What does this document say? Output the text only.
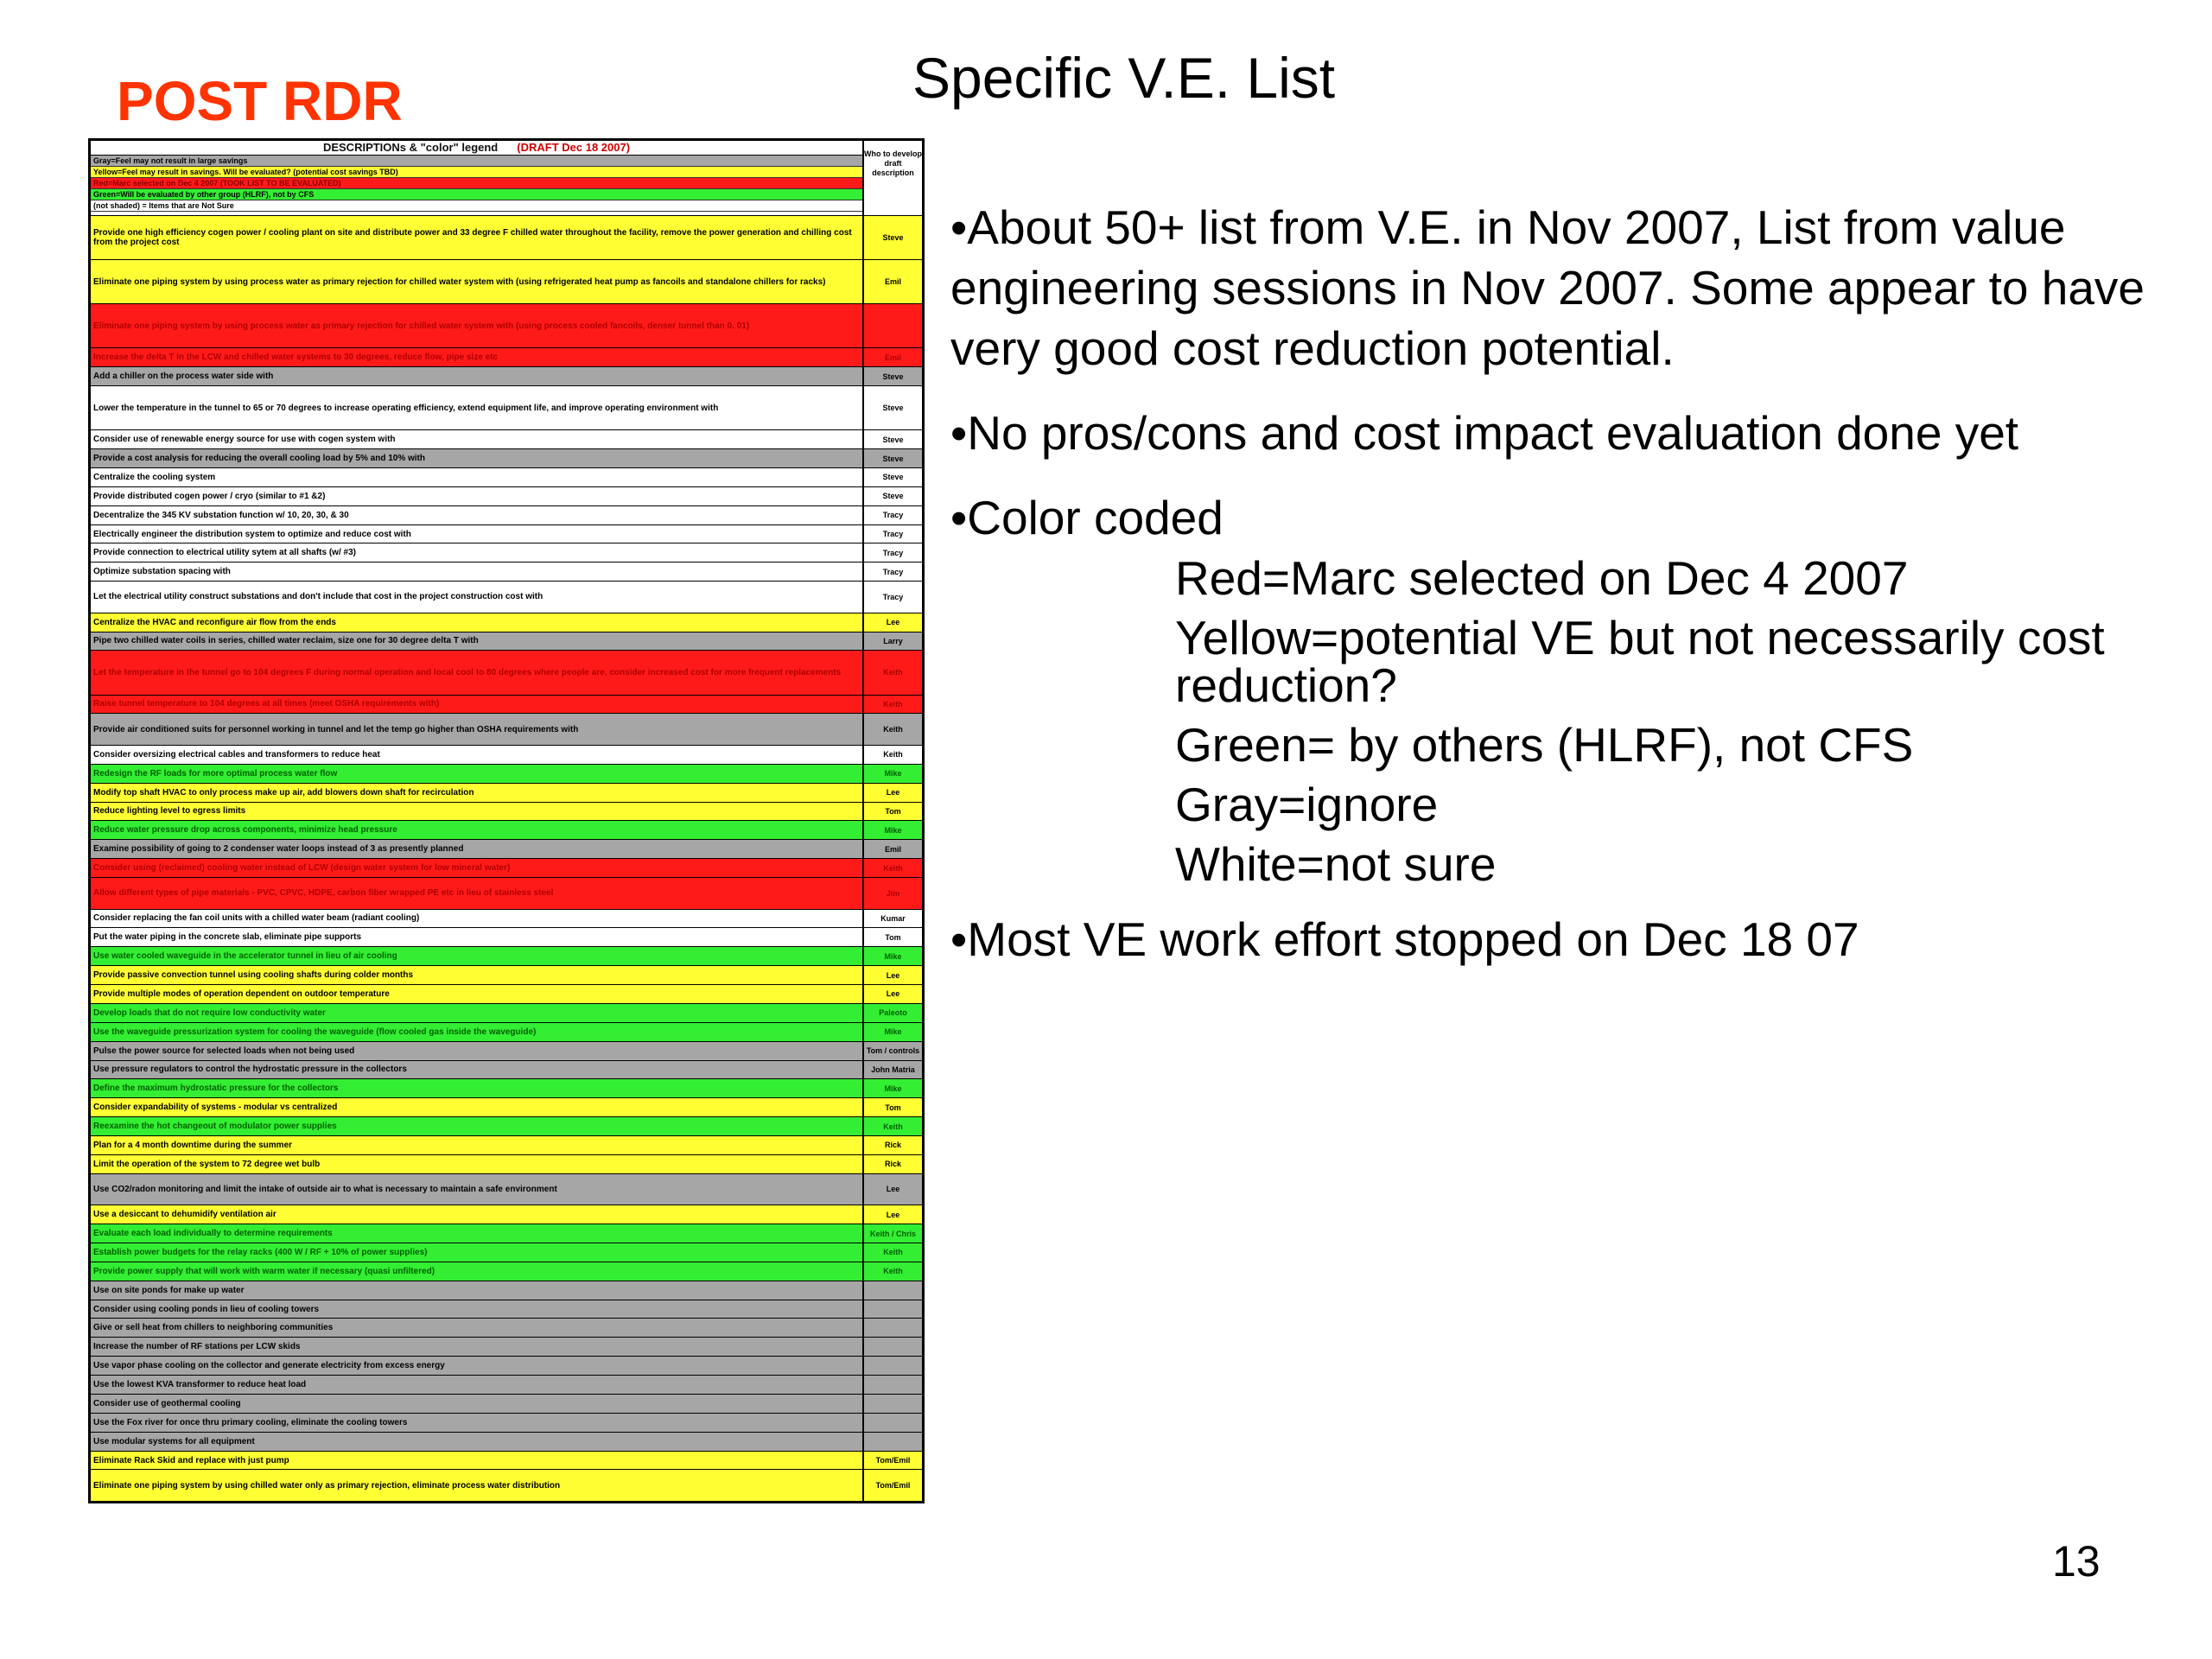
POST RDR	Specific V.E. List
DESCRIPTIONs & "color" legend (DRAFT Dec 18 2007)
Gray=Feel may not result in large savings
Yellow=Feel may result in savings. Will be evaluated? (potential cost savings TBD)
Red=Marc selected on Dec 4 2007 (TOOK LIST TO BE EVALUATED)
Green=Will be evaluated by other group (HLRF), not by CFS
(not shaded) = Items that are Not Sure
Who to develop draft description
Provide one high efficiency cogen power / cooling plant on site and distribute power and 33 degree F chilled water throughout the facility, remove the power generation and chilling cost from the project cost	Steve
Eliminate one piping system by using process water as primary rejection for chilled water system with (using refrigerated heat pump as fancoils and standalone chillers for racks)	Emil
Eliminate one piping system by using process water as primary rejection for chilled water system with (using process cooled fancoils, denser tunnel than 0. 01)
Increase the delta T in the LCW and chilled water systems to 30 degrees, reduce flow, pipe size etc	Emil
Add a chiller on the process water side with	Steve
Lower the temperature in the tunnel to 65 or 70 degrees to increase operating efficiency, extend equipment life, and improve operating environment with	Steve
Consider use of renewable energy source for use with cogen system with	Steve
Provide a cost analysis for reducing the overall cooling load by 5% and 10% with	Steve
Centralize the cooling system	Steve
Provide distributed cogen power / cryo (similar to #1 &2)	Steve
Decentralize the 345 KV substation function w/ 10, 20, 30, & 30	Tracy
Electrically engineer the distribution system to optimize and reduce cost with	Tracy
Provide connection to electrical utility sytem at all shafts (w/ #3)	Tracy
Optimize substation spacing with	Tracy
Let the electrical utility construct substations and don't include that cost in the project construction cost with	Tracy
Centralize the HVAC and reconfigure air flow from the ends	Lee
Pipe two chilled water coils in series, chilled water reclaim, size one for 30 degree delta T with	Larry
Let the temperature in the tunnel go to 104 degrees F during normal operation and local cool to 80 degrees where people are, consider increased cost for more frequent replacements	Keith
Raise tunnel temperature to 104 degrees at all times (meet OSHA requirements with)	Keith
Provide air conditioned suits for personnel working in tunnel and let the temp go higher than OSHA requirements with	Keith
Consider oversizing electrical cables and transformers to reduce heat	Keith
Redesign the RF loads for more optimal process water flow	Mike
Modify top shaft HVAC to only process make up air, add blowers down shaft for recirculation	Lee
Reduce lighting level to egress limits	Tom
Reduce water pressure drop across components, minimize head pressure	Mike
Examine possibility of going to 2 condenser water loops instead of 3 as presently planned	Emil
Consider using (reclaimed) cooling water instead of LCW (design water system for low mineral water)	Keith
Allow different types of pipe materials - PVC, CPVC, HDPE, carbon fiber wrapped PE etc in lieu of stainless steel	Jim
Consider replacing the fan coil units with a chilled water beam (radiant cooling)	Kumar
Put the water piping in the concrete slab, eliminate pipe supports	Tom
Use water cooled waveguide in the accelerator tunnel in lieu of air cooling	Mike
Provide passive convection tunnel using cooling shafts during colder months	Lee
Provide multiple modes of operation dependent on outdoor temperature	Lee
Develop loads that do not require low conductivity water	Paleoto
Use the waveguide pressurization system for cooling the waveguide (flow cooled gas inside the waveguide)	Mike
Pulse the power source for selected loads when not being used	Tom / controls
Use pressure regulators to control the hydrostatic pressure in the collectors	John Matria
Define the maximum hydrostatic pressure for the collectors	Mike
Consider expandability of systems - modular vs centralized	Tom
Reexamine the hot changeout of modulator power supplies	Keith
Plan for a 4 month downtime during the summer	Rick
Limit the operation of the system to 72 degree wet bulb	Rick
Use CO2/radon monitoring and limit the intake of outside air to what is necessary to maintain a safe environment	Lee
Use a desiccant to dehumidify ventilation air	Lee
Evaluate each load individually to determine requirements	Keith / Chris
Establish power budgets for the relay racks (400 W / RF + 10% of power supplies)	Keith
Provide power supply that will work with warm water if necessary (quasi unfiltered)	Keith
Use on site ponds for make up water
Consider using cooling ponds in lieu of cooling towers
Give or sell heat from chillers to neighboring communities
Increase the number of RF stations per LCW skids
Use vapor phase cooling on the collector and generate electricity from excess energy
Use the lowest KVA transformer to reduce heat load
Consider use of geothermal cooling
Use the Fox river for once thru primary cooling, eliminate the cooling towers
Use modular systems for all equipment
Eliminate Rack Skid and replace with just pump	Tom/Emil
Eliminate one piping system by using chilled water only as primary rejection, eliminate process water distribution	Tom/Emil
•About 50+ list from V.E. in Nov 2007, List from value engineering sessions in Nov 2007. Some appear to have very good cost reduction potential.
•No pros/cons and cost impact evaluation done yet
•Color coded
Red=Marc selected on Dec 4 2007
Yellow=potential VE but not necessarily cost reduction?
Green= by others (HLRF), not CFS
Gray=ignore
White=not sure
•Most VE work effort stopped on Dec 18 07
13
